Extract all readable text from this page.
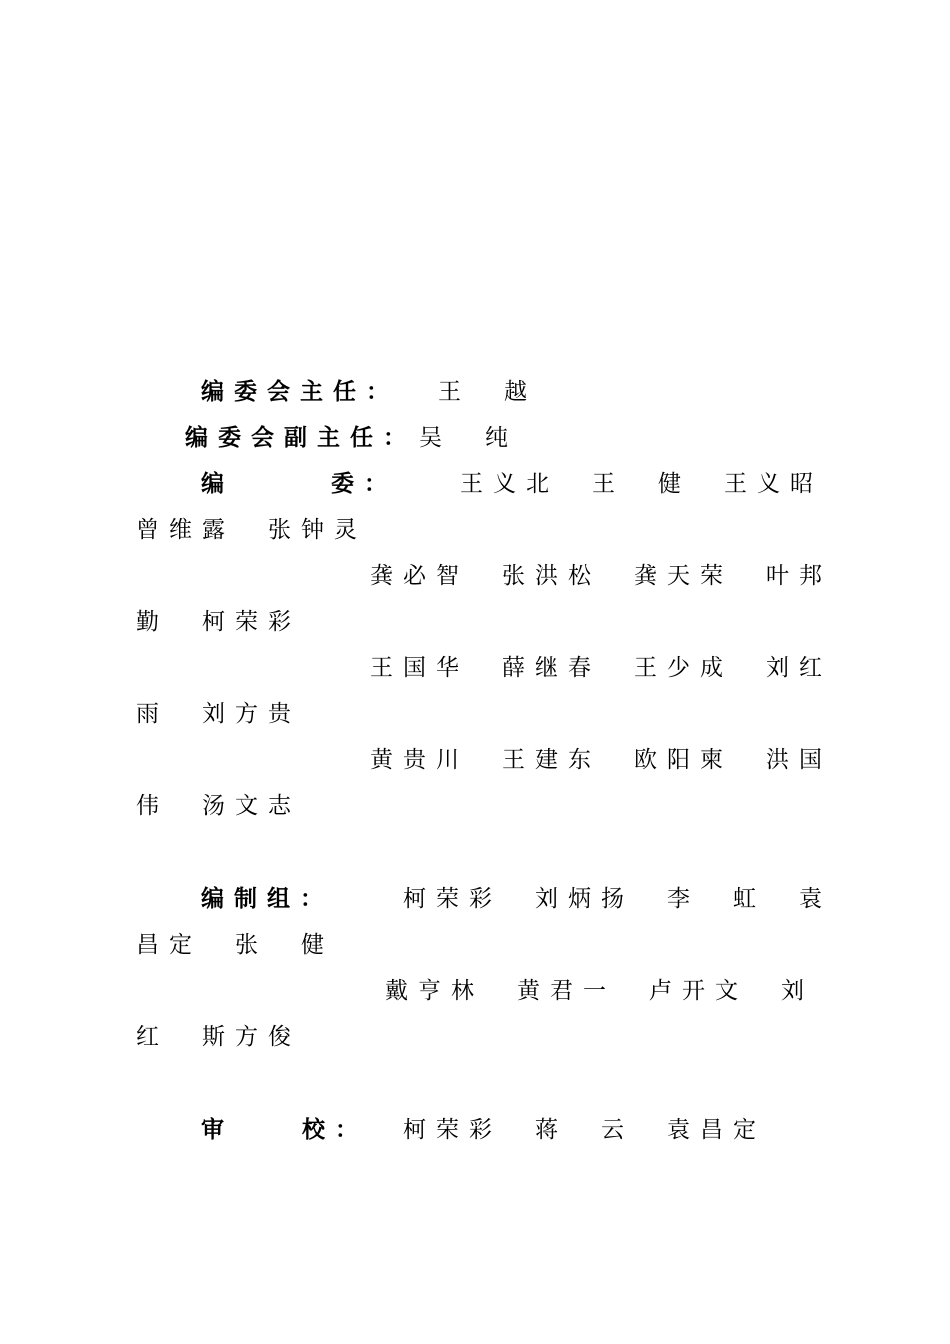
编委会主任： 王　越
编委会副主任： 吴　纯
编	委：	王义北　王　健　王义昭
曾维露　张钟灵
龚必智　张洪松　龚天荣　叶邦
勤　柯荣彩
王国华　薛继春　王少成　刘红
雨　刘方贵
黄贵川　王建东　欧阳柬　洪国
伟　汤文志
编制组：	柯荣彩　刘炳扬　李　虹　袁
昌定　张　健
戴亨林　黄君一　卢开文　刘
红　斯方俊
审	校： 柯荣彩　蒋　云　袁昌定
